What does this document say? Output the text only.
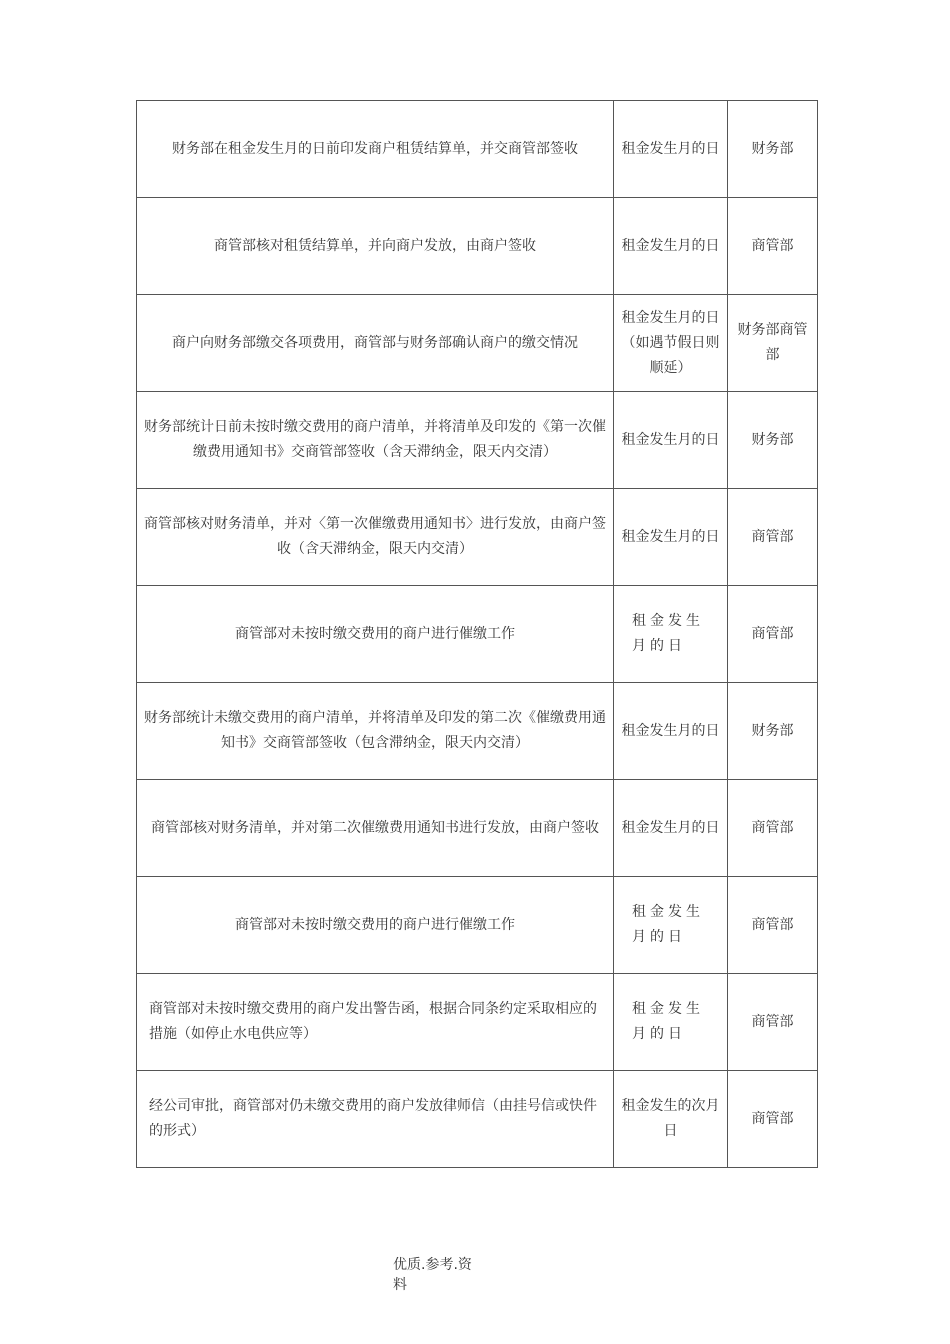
财务部在租金发生月的日前印发商户租赁结算单，并交商管部签收	租金发生月的日	财务部
商管部核对租赁结算单，并向商户发放，由商户签收	租金发生月的日	商管部
商户向财务部缴交各项费用，商管部与财务部确认商户的缴交情况	租金发生月的日（如遇节假日则顺延）	财务部商管部
财务部统计日前未按时缴交费用的商户清单，并将清单及印发的《第一次催缴费用通知书》交商管部签收（含天滞纳金，限天内交清）	租金发生月的日	财务部
商管部核对财务清单，并对〈第一次催缴费用通知书〉进行发放，由商户签收（含天滞纳金，限天内交清）	租金发生月的日	商管部
商管部对未按时缴交费用的商户进行催缴工作	租金发生月的日	商管部
财务部统计未缴交费用的商户清单，并将清单及印发的第二次《催缴费用通知书》交商管部签收（包含滞纳金，限天内交清）	租金发生月的日	财务部
商管部核对财务清单，并对第二次催缴费用通知书进行发放，由商户签收	租金发生月的日	商管部
商管部对未按时缴交费用的商户进行催缴工作	租金发生月的日	商管部
商管部对未按时缴交费用的商户发出警告函，根据合同条约定采取相应的措施（如停止水电供应等）	租金发生月的日	商管部
经公司审批，商管部对仍未缴交费用的商户发放律师信（由挂号信或快件的形式）	租金发生的次月日	商管部
优质.参考.资料
